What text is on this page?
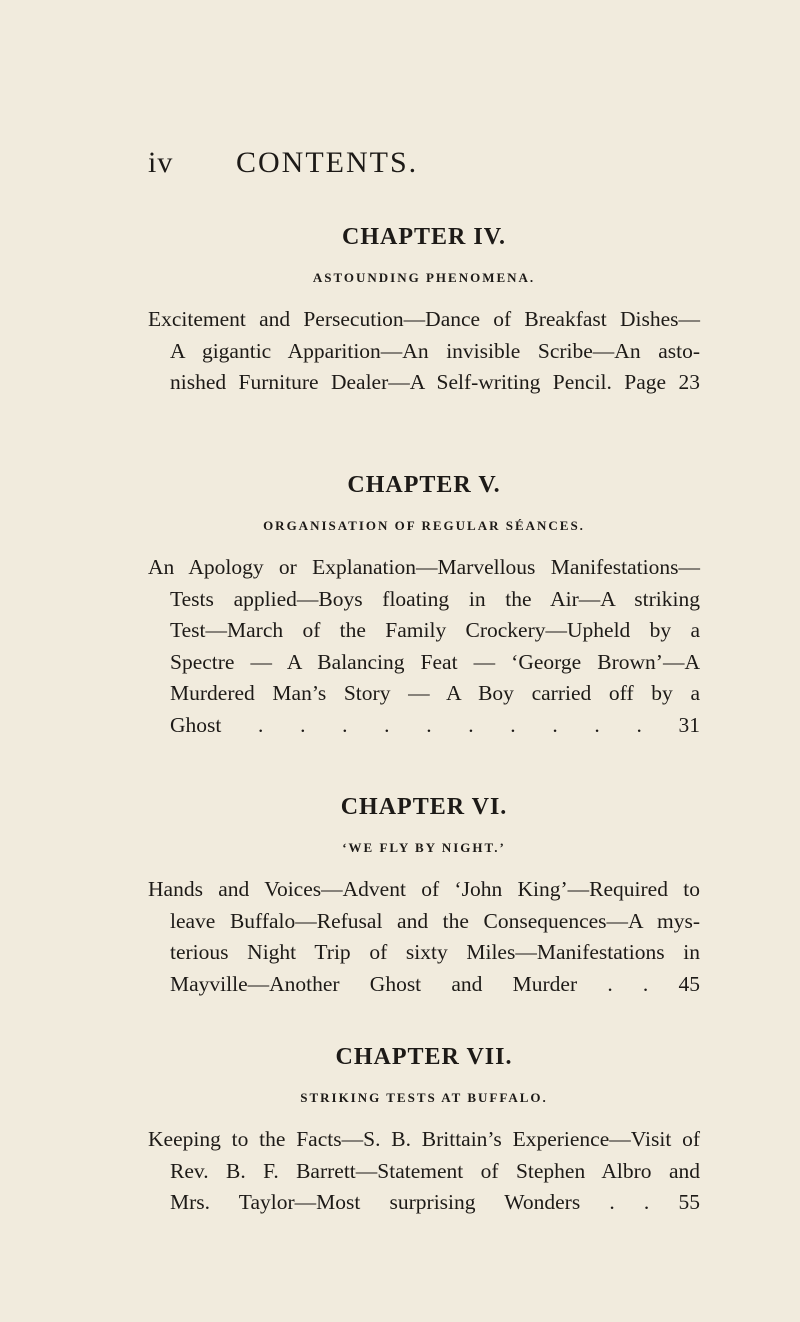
iv CONTENTS.
CHAPTER IV.

ASTOUNDING PHENOMENA.

Excitement and Persecution—Dance of Breakfast Dishes—
A gigantic Apparition—An invisible Scribe—An asto-
nished Furniture Dealer—A Self-writing Pencil. Page 23

CHAPTER V.

ORGANISATION OF REGULAR SÉANCES.

An Apology or Explanation—Marvellous Manifestations—
Tests applied—Boys floating in the Air—A striking
Test—March of the Family Crockery—Upheld by a
Spectre — A Balancing Feat — ‘George Brown’—A
Murdered Man’s Story — A Boy carried off by a
Ghost . . . . . . . . . . 31

CHAPTER VI.

‘WE FLY BY NIGHT.’

Hands and Voices—Advent of ‘John King’—Required to
leave Buffalo—Refusal and the Consequences—A mys-
terious Night Trip of sixty Miles—Manifestations in
Mayville—Another Ghost and Murder . . 45

CHAPTER VII.

STRIKING TESTS AT BUFFALO.

Keeping to the Facts—S. B. Brittain’s Experience—Visit of
Rev. B. F. Barrett—Statement of Stephen Albro and
Mrs. Taylor—Most surprising Wonders . . 55
